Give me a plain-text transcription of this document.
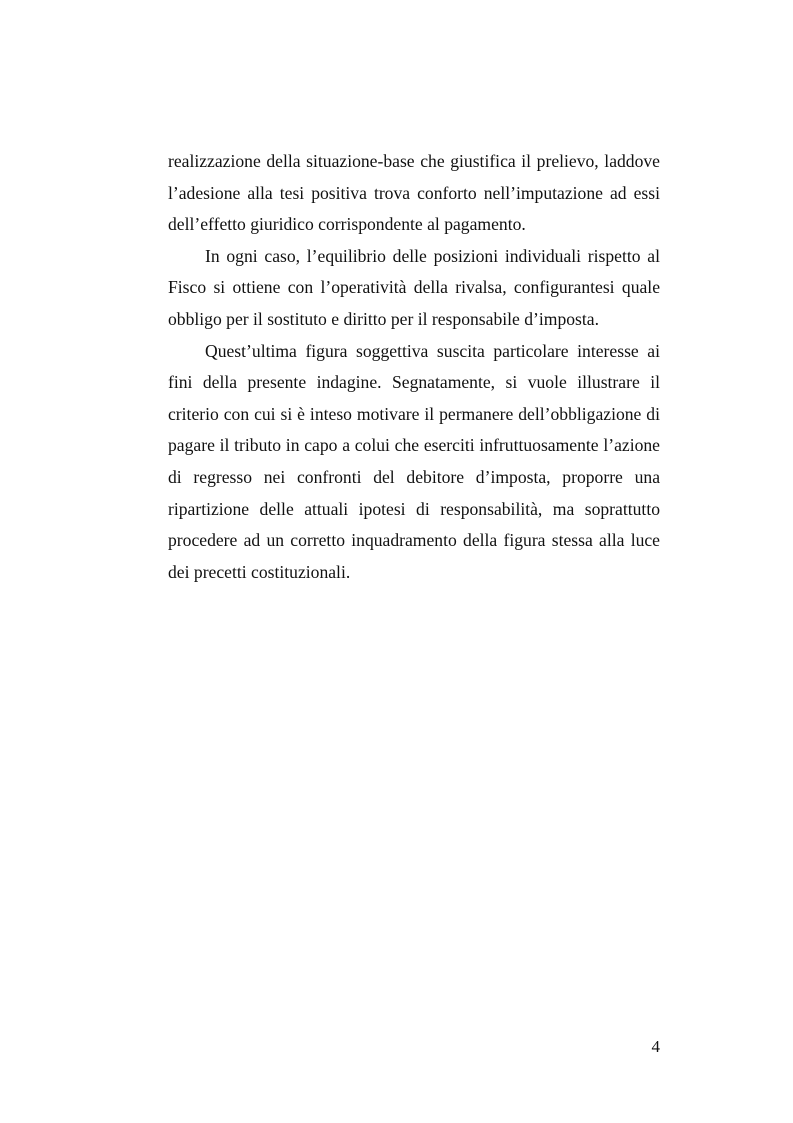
realizzazione della situazione-base che giustifica il prelievo, laddove l’adesione alla tesi positiva trova conforto nell’imputazione ad essi dell’effetto giuridico corrispondente al pagamento.

In ogni caso, l’equilibrio delle posizioni individuali rispetto al Fisco si ottiene con l’operatività della rivalsa, configurantesi quale obbligo per il sostituto e diritto per il responsabile d’imposta.

Quest’ultima figura soggettiva suscita particolare interesse ai fini della presente indagine. Segnatamente, si vuole illustrare il criterio con cui si è inteso motivare il permanere dell’obbligazione di pagare il tributo in capo a colui che eserciti infruttuosamente l’azione di regresso nei confronti del debitore d’imposta, proporre una ripartizione delle attuali ipotesi di responsabilità, ma soprattutto procedere ad un corretto inquadramento della figura stessa alla luce dei precetti costituzionali.

4
